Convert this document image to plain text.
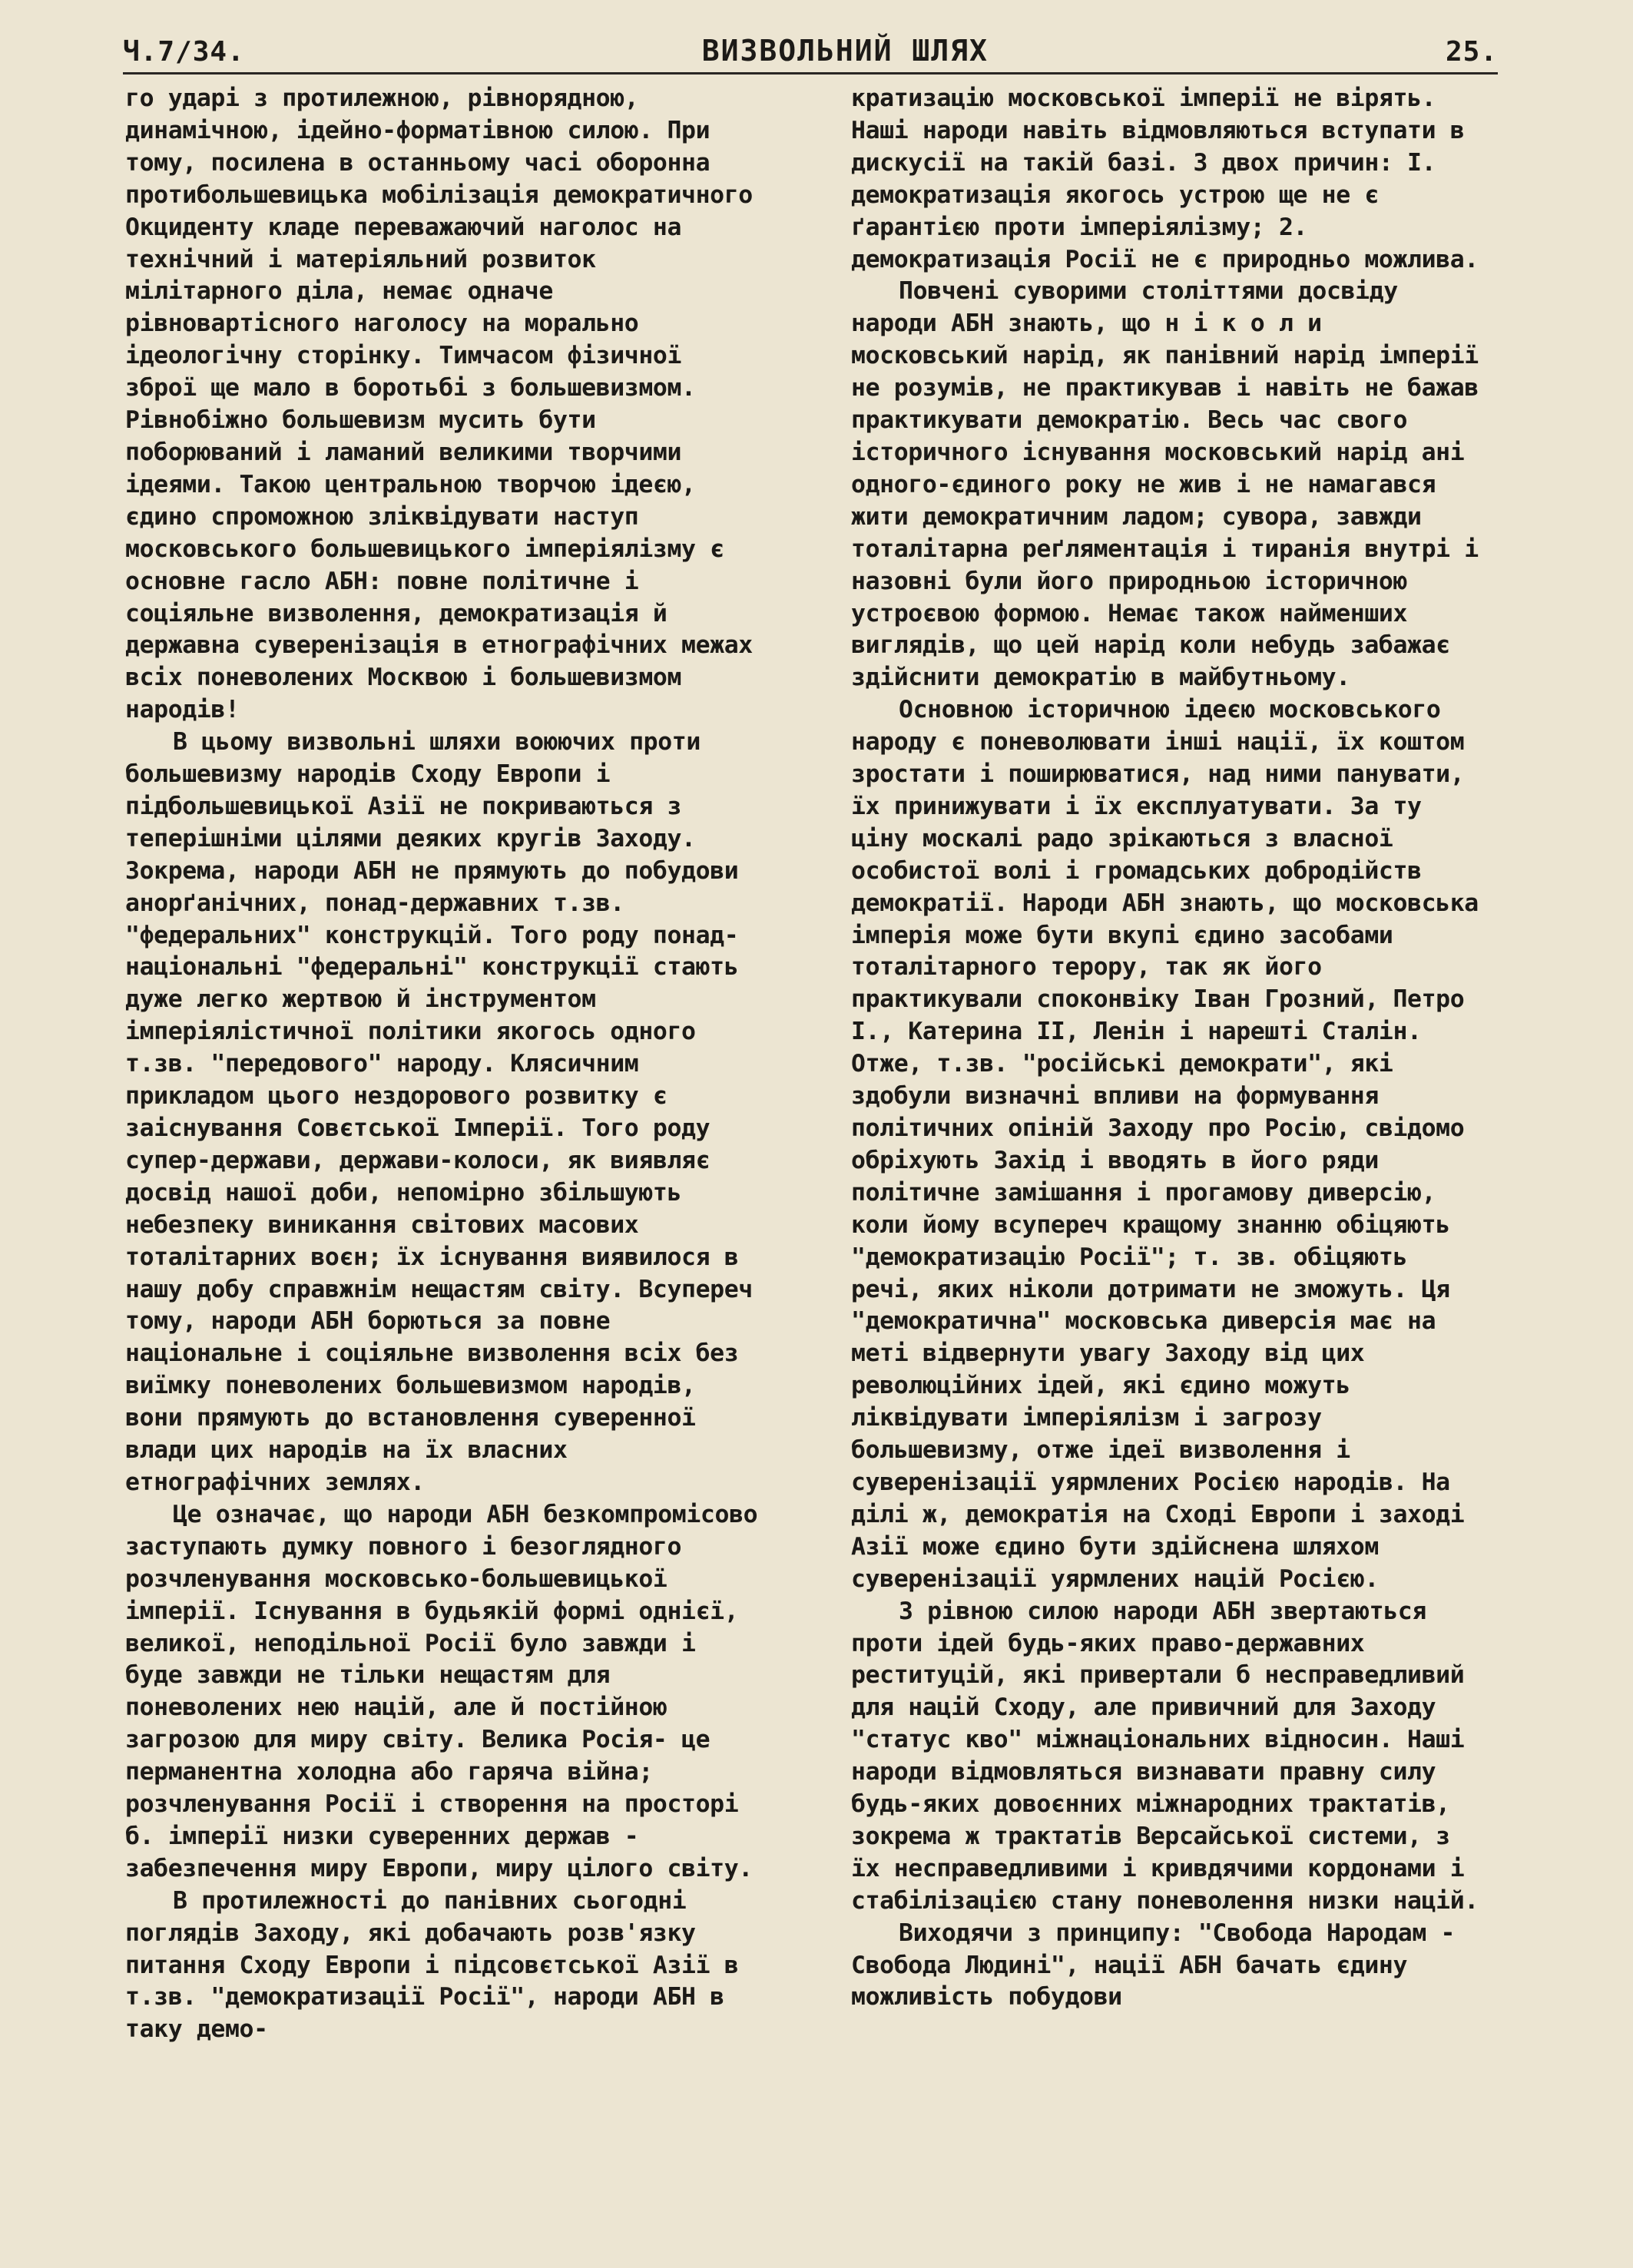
Ч.7/34.	ВИЗВОЛЬНИЙ ШЛЯХ	25.

го ударі з протилежною, рівнорядною, динамічною, ідейно-форматівною силою. При тому, посилена в останньому часі оборонна протибольшевицька мобілізація демократичного Окциденту кладе переважаючий наголос на технічний і матеріяльний розвиток мілітарного діла, немає одначе рівновартісного наголосу на морально ідеологічну сторінку. Тимчасом фізичної зброї ще мало в боротьбі з большевизмом. Рівнобіжно большевизм мусить бути поборюваний і ламаний великими творчими ідеями. Такою центральною творчою ідеєю, єдино спроможною зліквідувати наступ московського большевицького імперіялізму є основне гасло АБН: повне політичне і соціяльне визволення, демократизація й державна суверенізація в етнографічних межах всіх поневолених Москвою і большевизмом народів!

В цьому визвольні шляхи воюючих проти большевизму народів Сходу Европи і підбольшевицької Азії не покриваються з теперішніми цілями деяких кругів Заходу. Зокрема, народи АБН не прямують до побудови анорґанічних, понад-державних т.зв. "федеральних" конструкцій. Того роду понад-національні "федеральні" конструкції стають дуже легко жертвою й інструментом імперіялістичної політики якогось одного т.зв. "передового" народу. Клясичним прикладом цього нездорового розвитку є заіснування Совєтської Імперії. Того роду супер-держави, держави-колоси, як виявляє досвід нашої доби, непомірно збільшують небезпеку виникання світових масових тоталітарних воєн; їх існування виявилося в нашу добу справжнім нещастям світу. Всупереч тому, народи АБН борються за повне національне і соціяльне визволення всіх без виїмку поневолених большевизмом народів, вони прямують до встановлення суверенної влади цих народів на їх власних етнографічних землях.

Це означає, що народи АБН безкомпромісово заступають думку повного і безоглядного розчленування московсько-большевицької імперії. Існування в будьякій формі однієї, великої, неподільної Росії було завжди і буде завжди не тільки нещастям для поневолених нею націй, але й постійною загрозою для миру світу. Велика Росія- це перманентна холодна або гаряча війна; розчленування Росії і створення на просторі б. імперії низки суверенних держав - забезпечення миру Европи, миру цілого світу.

В протилежності до панівних сьогодні поглядів Заходу, які добачають розв'язку питання Сходу Европи і підсовєтської Азії в т.зв. "демократизації Росії", народи АБН в таку демо-

кратизацію московської імперії не вірять. Наші народи навіть відмовляються вступати в дискусії на такій базі. З двох причин: І. демократизація якогось устрою ще не є ґарантією проти імперіялізму; 2. демократизація Росії не є природньо можлива.

Повчені суворими століттями досвіду народи АБН знають, що н і к о л и московський нарід, як панівний нарід імперії не розумів, не практикував і навіть не бажав практикувати демократію. Весь час свого історичного існування московський нарід ані одного-єдиного року не жив і не намагався жити демократичним ладом; сувора, завжди тоталітарна реґляментація і тиранія внутрі і назовні були його природньою історичною устроєвою формою. Немає також найменших виглядів, що цей нарід коли небудь забажає здійснити демократію в майбутньому.

Основною історичною ідеєю московського народу є поневолювати інші нації, їх коштом зростати і поширюватися, над ними панувати, їх принижувати і їх експлуатувати. За ту ціну москалі радо зрікаються з власної особистої волі і громадських добродійств демократії. Народи АБН знають, що московська імперія може бути вкупі єдино засобами тоталітарного терору, так як його практикували споконвіку Іван Грозний, Петро І., Катерина ІІ, Ленін і нарешті Сталін. Отже, т.зв. "російські демократи", які здобули визначні впливи на формування політичних опіній Заходу про Росію, свідомо обріхують Захід і вводять в його ряди політичне замішання і прогамову диверсію, коли йому всупереч кращому знанню обіцяють "демократизацію Росії"; т. зв. обіцяють речі, яких ніколи дотримати не зможуть. Ця "демократична" московська диверсія має на меті відвернути увагу Заходу від цих революційних ідей, які єдино можуть ліквідувати імперіялізм і загрозу большевизму, отже ідеї визволення і суверенізації уярмлених Росією народів. На ділі ж, демократія на Сході Европи і заході Азії може єдино бути здійснена шляхом суверенізації уярмлених націй Росією.

З рівною силою народи АБН звертаються проти ідей будь-яких право-державних реституцій, які привертали б несправедливий для націй Сходу, але привичний для Заходу "статус кво" міжнаціональних відносин. Наші народи відмовляться визнавати правну силу будь-яких довоєнних міжнародних трактатів, зокрема ж трактатів Версайської системи, з їх несправедливими і кривдячими кордонами і стабілізацією стану поневолення низки націй.

Виходячи з принципу: "Свобода Народам - Свобода Людині", нації АБН бачать єдину можливість побудови
